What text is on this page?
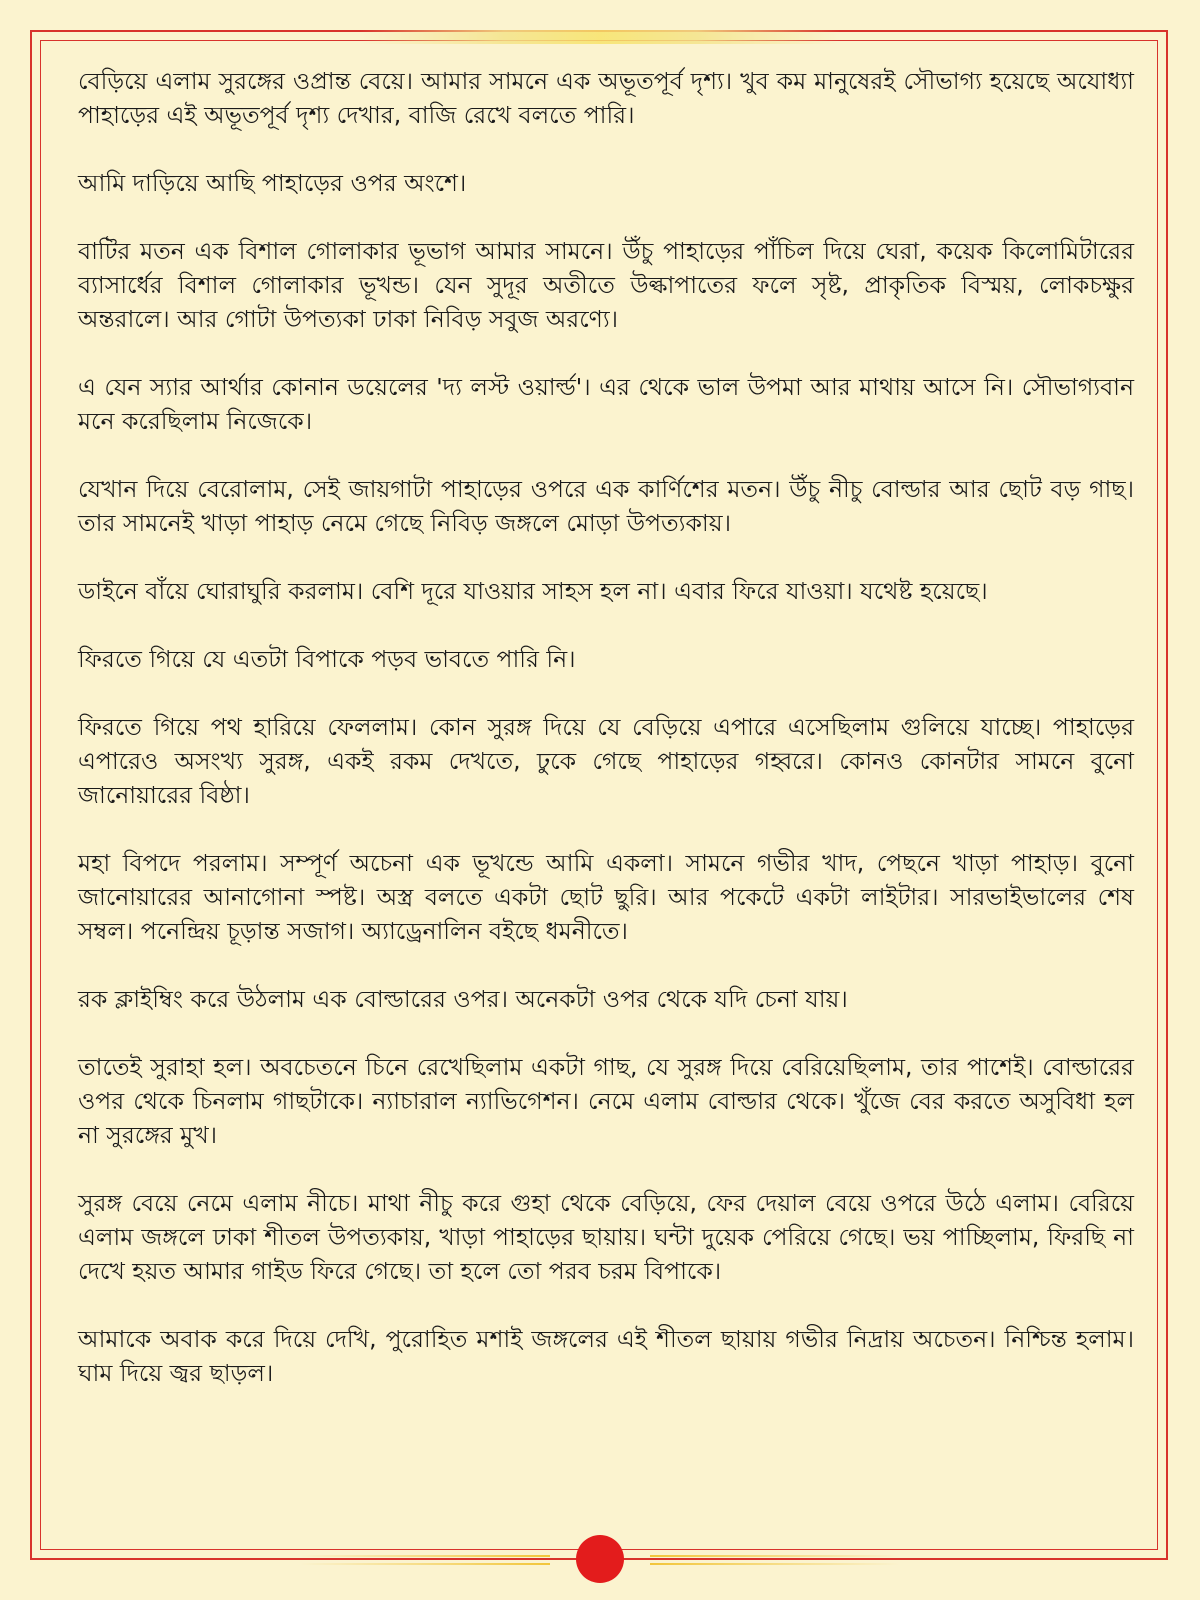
বেড়িয়ে এলাম সুরঙ্গের ওপ্রান্ত বেয়ে। আমার সামনে এক অভূতপূর্ব দৃশ্য। খুব কম মানুষেরই সৌভাগ্য হয়েছে অযোধ্যা পাহাড়ের এই অভূতপূর্ব দৃশ্য দেখার, বাজি রেখে বলতে পারি।

আমি দাড়িয়ে আছি পাহাড়ের ওপর অংশে।

বাটির মতন এক বিশাল গোলাকার ভূভাগ আমার সামনে। উঁচু পাহাড়ের পাঁচিল দিয়ে ঘেরা, কয়েক কিলোমিটারের ব্যাসার্ধের বিশাল গোলাকার ভূখন্ড। যেন সুদূর অতীতে উল্কাপাতের ফলে সৃষ্ট, প্রাকৃতিক বিস্ময়, লোকচক্ষুর অন্তরালে। আর গোটা উপত্যকা ঢাকা নিবিড় সবুজ অরণ্যে।

এ যেন স্যার আর্থার কোনান ডয়েলের 'দ্য লস্ট ওয়ার্ল্ড'। এর থেকে ভাল উপমা আর মাথায় আসে নি। সৌভাগ্যবান মনে করেছিলাম নিজেকে।

যেখান দিয়ে বেরোলাম, সেই জায়গাটা পাহাড়ের ওপরে এক কার্ণিশের মতন। উঁচু নীচু বোল্ডার আর ছোট বড় গাছ। তার সামনেই খাড়া পাহাড় নেমে গেছে নিবিড় জঙ্গলে মোড়া উপত্যকায়।

ডাইনে বাঁয়ে ঘোরাঘুরি করলাম। বেশি দূরে যাওয়ার সাহস হল না। এবার ফিরে যাওয়া। যথেষ্ট হয়েছে।

ফিরতে গিয়ে যে এতটা বিপাকে পড়ব ভাবতে পারি নি।

ফিরতে গিয়ে পথ হারিয়ে ফেললাম। কোন সুরঙ্গ দিয়ে যে বেড়িয়ে এপারে এসেছিলাম গুলিয়ে যাচ্ছে। পাহাড়ের এপারেও অসংখ্য সুরঙ্গ, একই রকম দেখতে, ঢুকে গেছে পাহাড়ের গহ্বরে। কোনও কোনটার সামনে বুনো জানোয়ারের বিষ্ঠা।

মহা বিপদে পরলাম। সম্পূর্ণ অচেনা এক ভূখন্ডে আমি একলা। সামনে গভীর খাদ, পেছনে খাড়া পাহাড়। বুনো জানোয়ারের আনাগোনা স্পষ্ট। অস্ত্র বলতে একটা ছোট ছুরি। আর পকেটে একটা লাইটার। সারভাইভালের শেষ সম্বল। পনেন্দ্রিয় চূড়ান্ত সজাগ। অ্যাড্রেনালিন বইছে ধমনীতে।

রক ক্লাইম্বিং করে উঠলাম এক বোল্ডারের ওপর। অনেকটা ওপর থেকে যদি চেনা যায়।

তাতেই সুরাহা হল। অবচেতনে চিনে রেখেছিলাম একটা গাছ, যে সুরঙ্গ দিয়ে বেরিয়েছিলাম, তার পাশেই। বোল্ডারের ওপর থেকে চিনলাম গাছটাকে। ন্যাচারাল ন্যাভিগেশন। নেমে এলাম বোল্ডার থেকে। খুঁজে বের করতে অসুবিধা হল না সুরঙ্গের মুখ।

সুরঙ্গ বেয়ে নেমে এলাম নীচে। মাথা নীচু করে গুহা থেকে বেড়িয়ে, ফের দেয়াল বেয়ে ওপরে উঠে এলাম। বেরিয়ে এলাম জঙ্গলে ঢাকা শীতল উপত্যকায়, খাড়া পাহাড়ের ছায়ায়। ঘন্টা দুয়েক পেরিয়ে গেছে। ভয় পাচ্ছিলাম, ফিরছি না দেখে হয়ত আমার গাইড ফিরে গেছে। তা হলে তো পরব চরম বিপাকে।

আমাকে অবাক করে দিয়ে দেখি, পুরোহিত মশাই জঙ্গলের এই শীতল ছায়ায় গভীর নিদ্রায় অচেতন। নিশ্চিন্ত হলাম। ঘাম দিয়ে জ্বর ছাড়ল।
